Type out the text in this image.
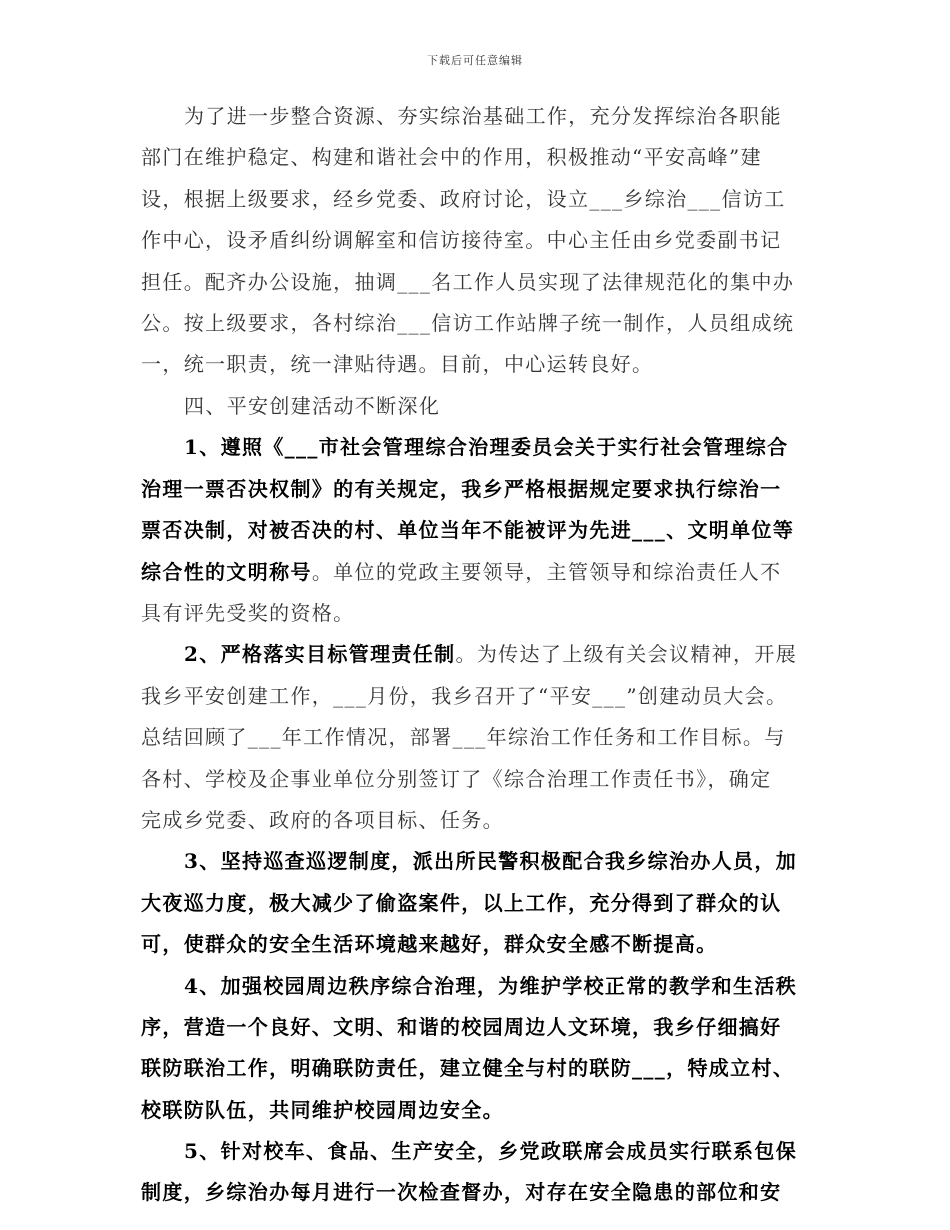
下载后可任意编辑
为了进一步整合资源、夯实综治基础工作，充分发挥综治各职能
部门在维护稳定、构建和谐社会中的作用，积极推动“平安高峰”建
设，根据上级要求，经乡党委、政府讨论，设立___乡综治___信访工
作中心，设矛盾纠纷调解室和信访接待室。中心主任由乡党委副书记
担任。配齐办公设施，抽调___名工作人员实现了法律规范化的集中办
公。按上级要求，各村综治___信访工作站牌子统一制作，人员组成统
一，统一职责，统一津贴待遇。目前，中心运转良好。
四、平安创建活动不断深化
1、遵照《___市社会管理综合治理委员会关于实行社会管理综合
治理一票否决权制》的有关规定，我乡严格根据规定要求执行综治一
票否决制，对被否决的村、单位当年不能被评为先进___、文明单位等
综合性的文明称号。单位的党政主要领导，主管领导和综治责任人不
具有评先受奖的资格。
2、严格落实目标管理责任制。为传达了上级有关会议精神，开展
我乡平安创建工作，___月份，我乡召开了“平安___”创建动员大会。
总结回顾了___年工作情况，部署___年综治工作任务和工作目标。与
各村、学校及企事业单位分别签订了《综合治理工作责任书》，确定
完成乡党委、政府的各项目标、任务。
3、坚持巡查巡逻制度，派出所民警积极配合我乡综治办人员，加
大夜巡力度，极大减少了偷盗案件，以上工作，充分得到了群众的认
可，使群众的安全生活环境越来越好，群众安全感不断提高。
4、加强校园周边秩序综合治理，为维护学校正常的教学和生活秩
序，营造一个良好、文明、和谐的校园周边人文环境，我乡仔细搞好
联防联治工作，明确联防责任，建立健全与村的联防___，特成立村、
校联防队伍，共同维护校园周边安全。
5、针对校车、食品、生产安全，乡党政联席会成员实行联系包保
制度，乡综治办每月进行一次检查督办，对存在安全隐患的部位和安
